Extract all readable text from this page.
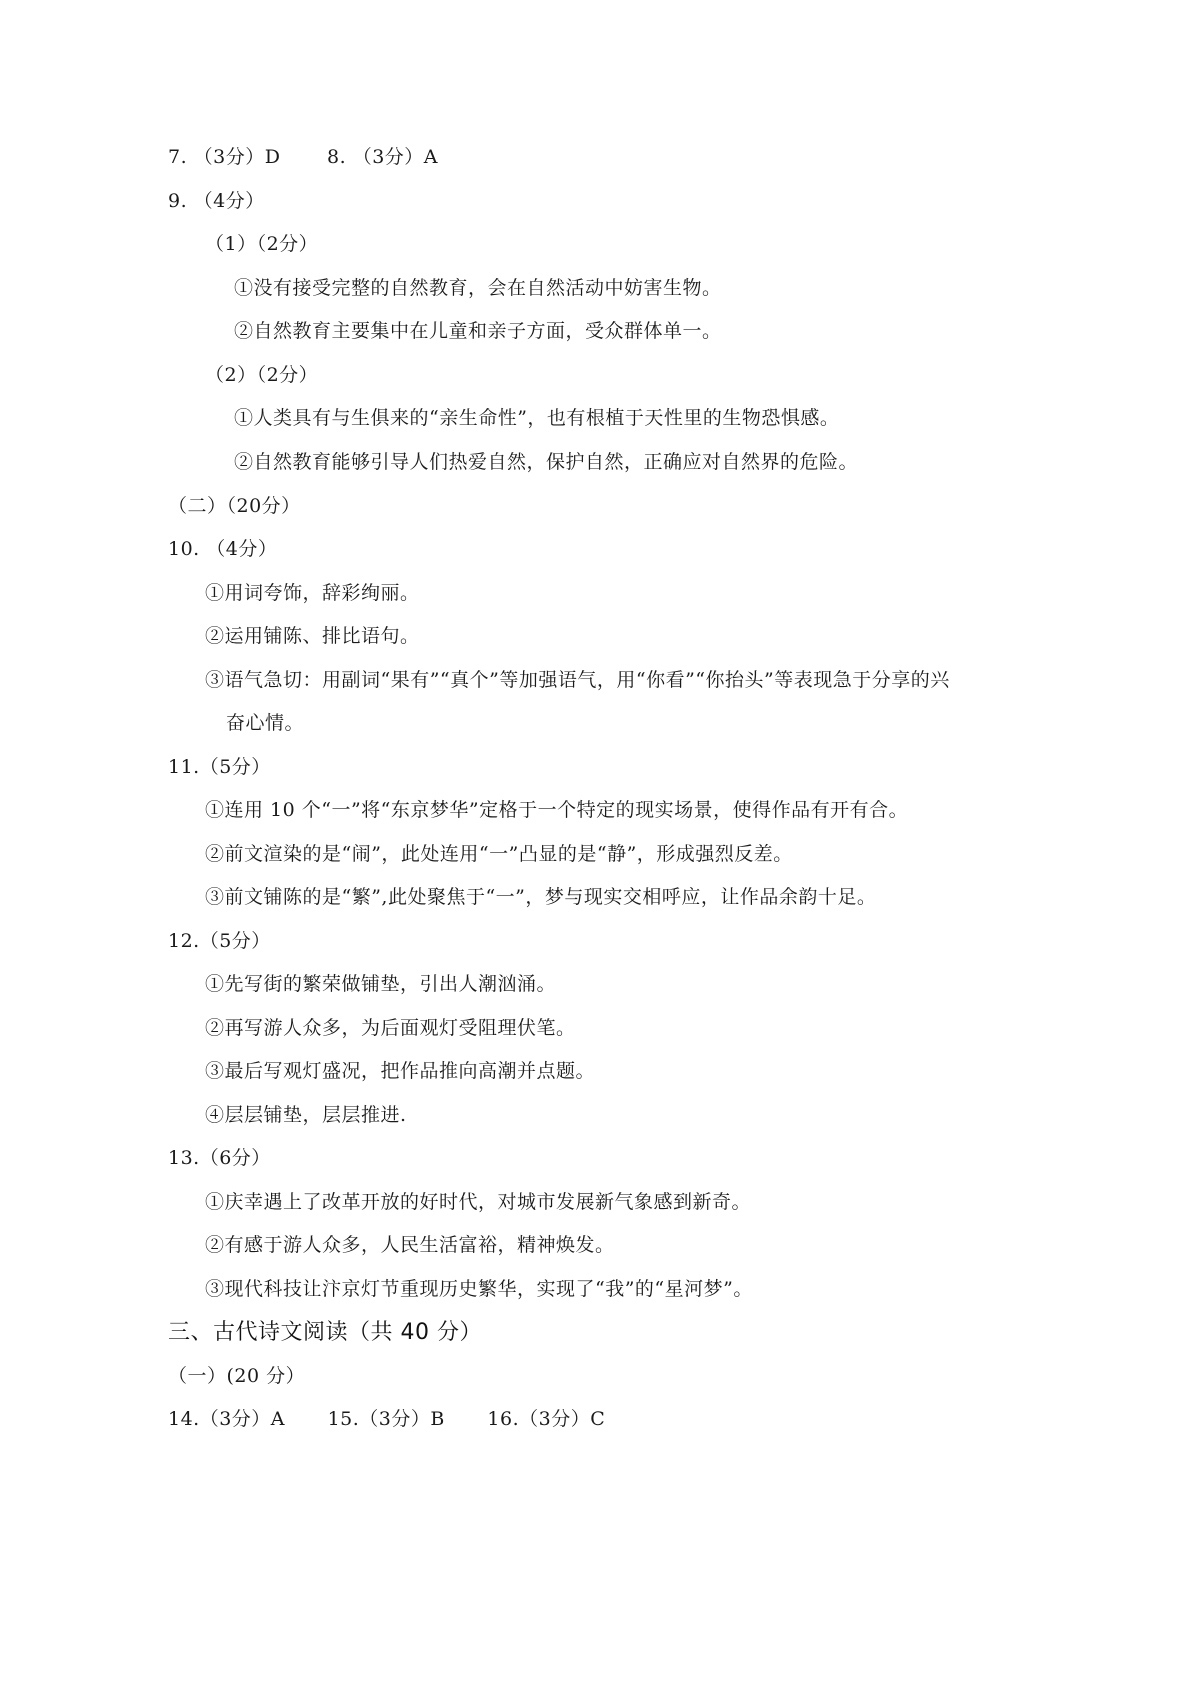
7. （3分）D 8. （3分）A
9. （4分）
（1）（2分）
①没有接受完整的自然教育，会在自然活动中妨害生物。
②自然教育主要集中在儿童和亲子方面，受众群体单一。
（2）（2分）
①人类具有与生俱来的“亲生命性”，也有根植于天性里的生物恐惧感。
②自然教育能够引导人们热爱自然，保护自然，正确应对自然界的危险。
（二）（20分）
10. （4分）
①用词夸饰，辞彩绚丽。
②运用铺陈、排比语句。
③语气急切：用副词“果有”“真个”等加强语气，用“你看”“你抬头”等表现急于分享的兴
奋心情。
11.（5分）
①连用 10 个“一”将“东京梦华”定格于一个特定的现实场景，使得作品有开有合。
②前文渲染的是“闹”，此处连用“一”凸显的是“静”，形成强烈反差。
③前文铺陈的是“繁”,此处聚焦于“一”，梦与现实交相呼应，让作品余韵十足。
12.（5分）
①先写街的繁荣做铺垫，引出人潮汹涌。
②再写游人众多，为后面观灯受阻理伏笔。
③最后写观灯盛况，把作品推向高潮并点题。
④层层铺垫，层层推进.
13.（6分）
①庆幸遇上了改革开放的好时代，对城市发展新气象感到新奇。
②有感于游人众多，人民生活富裕，精神焕发。
③现代科技让汴京灯节重现历史繁华，实现了“我”的“星河梦”。
三、古代诗文阅读（共 40 分）
（一）(20 分）
14.（3分）A 15.（3分）B 16.（3分）C
